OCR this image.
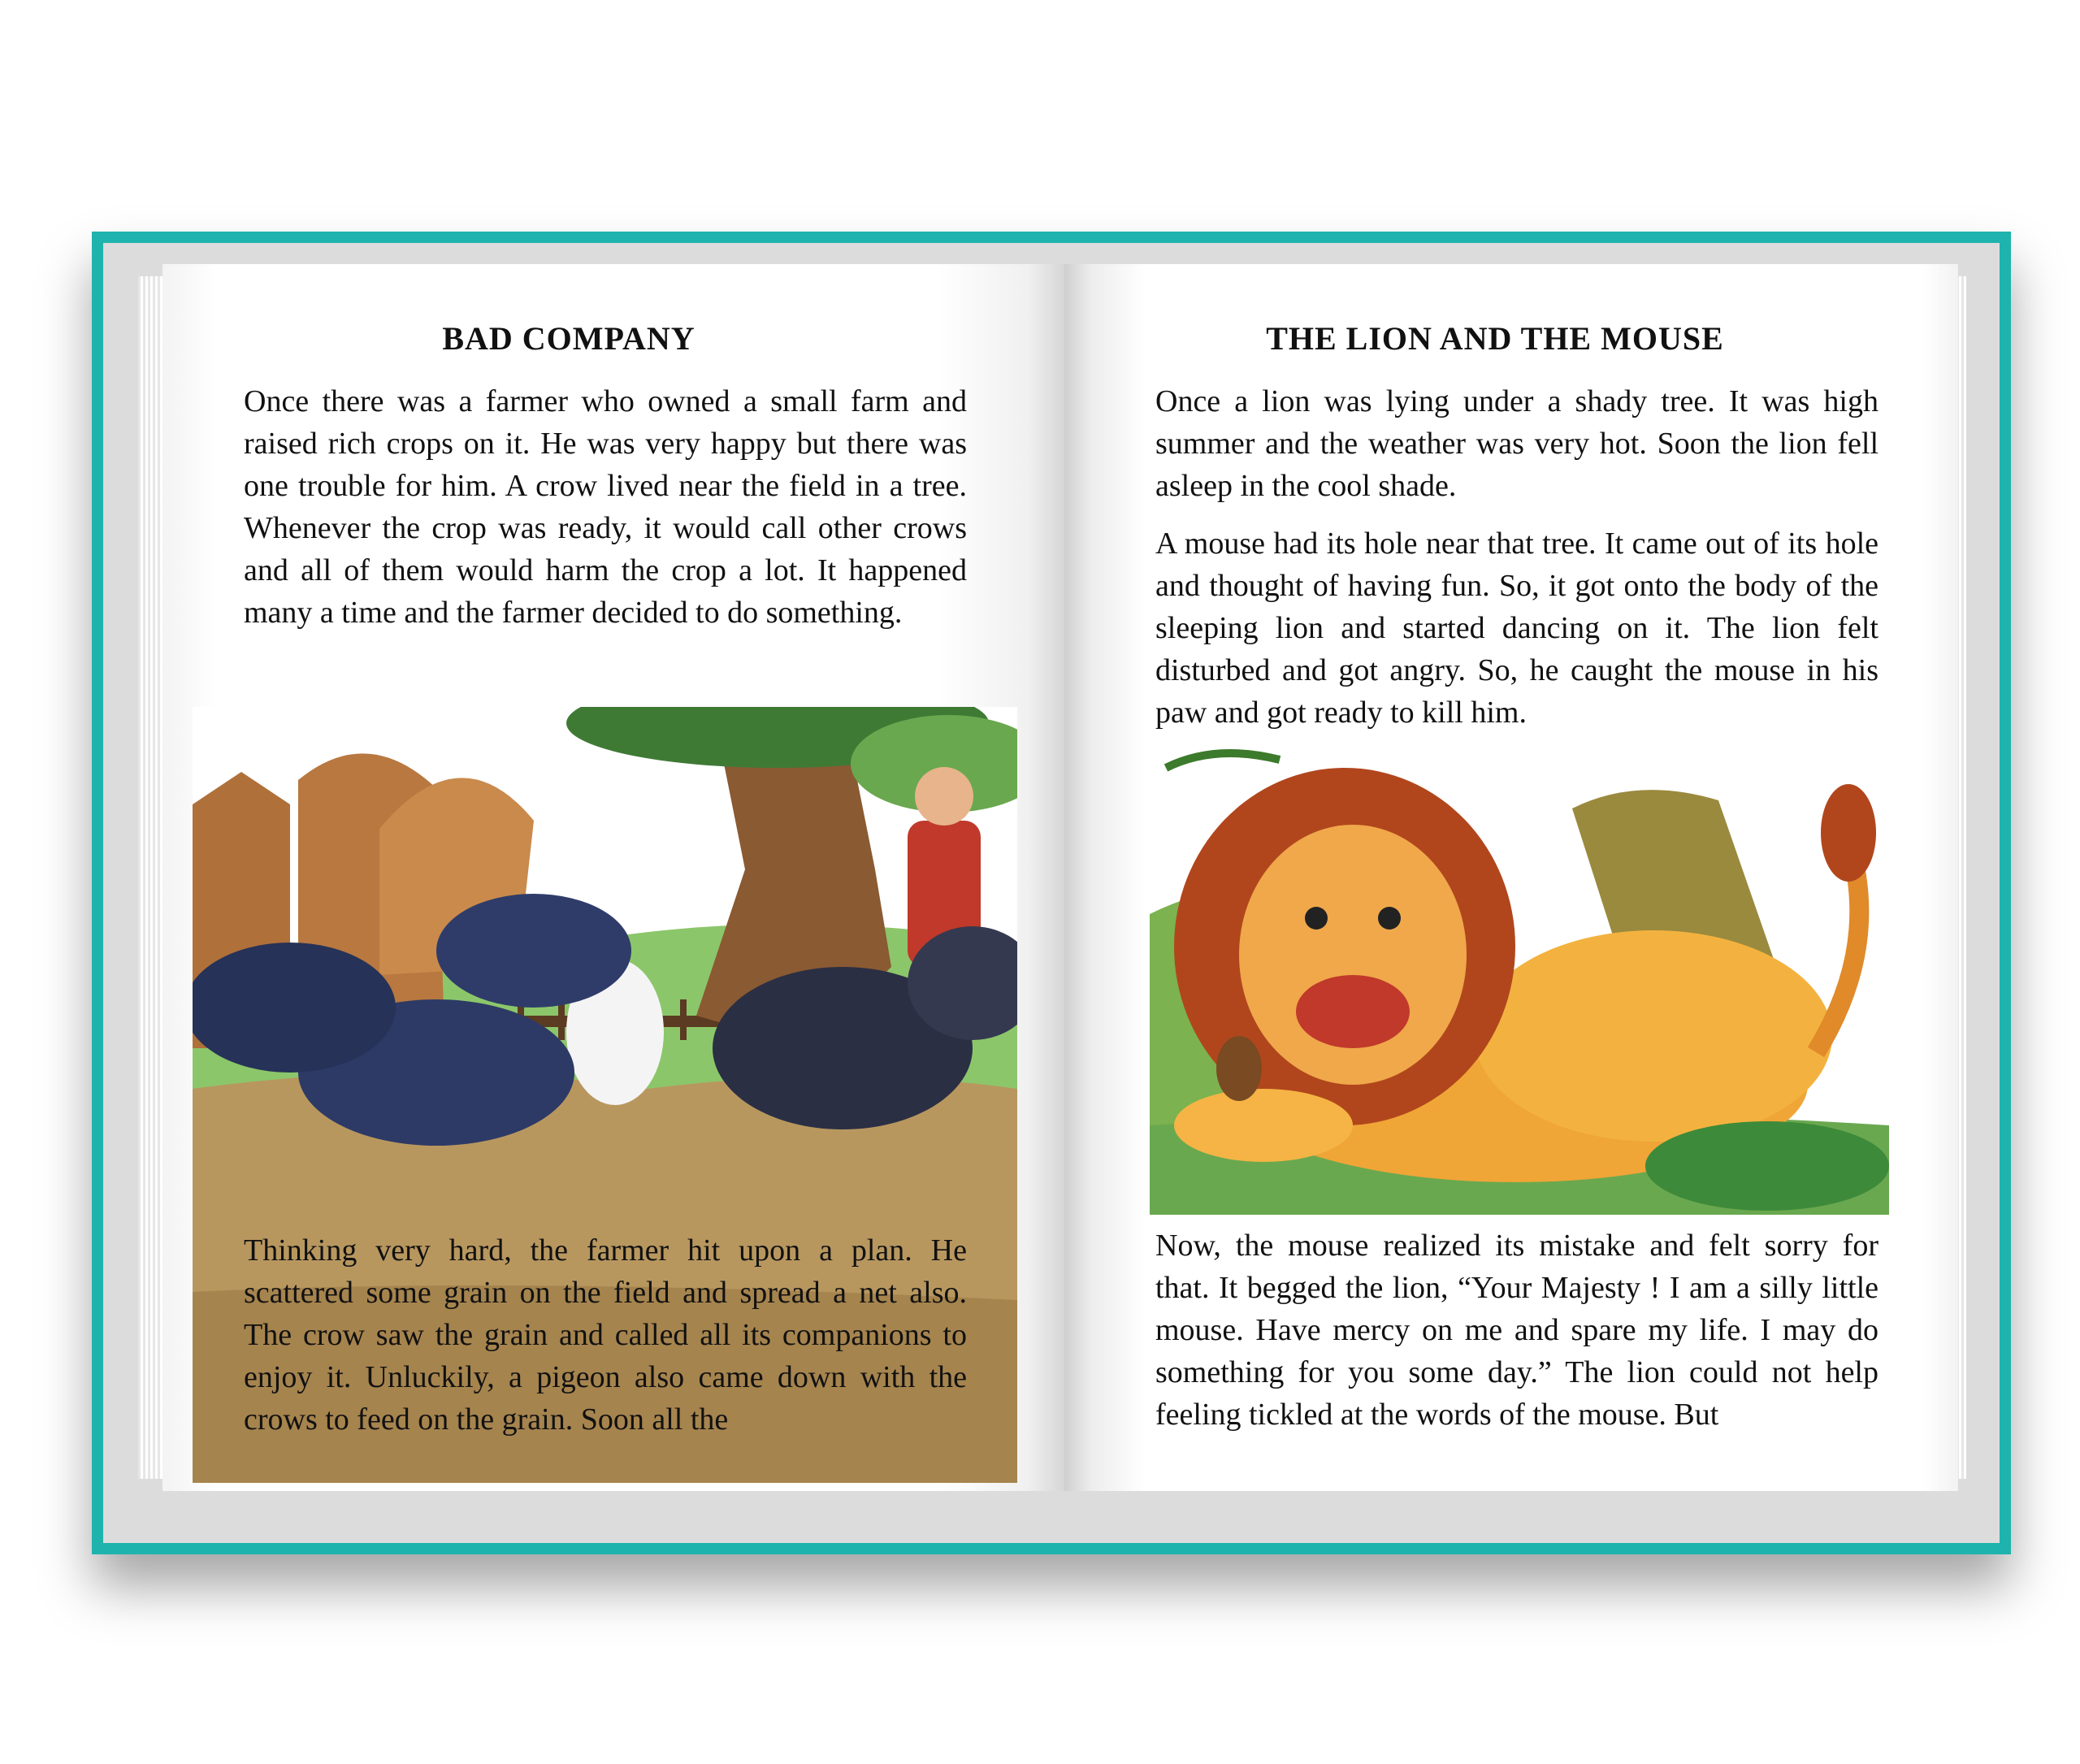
BAD COMPANY

Once there was a farmer who owned a small farm and raised rich crops on it. He was very happy but there was one trouble for him. A crow lived near the field in a tree. Whenever the crop was ready, it would call other crows and all of them would harm the crop a lot. It happened many a time and the farmer decided to do something.

Thinking very hard, the farmer hit upon a plan. He scattered some grain on the field and spread a net also. The crow saw the grain and called all its companions to enjoy it. Unluckily, a pigeon also came down with the crows to feed on the grain. Soon all the

THE LION AND THE MOUSE

Once a lion was lying under a shady tree. It was high summer and the weather was very hot. Soon the lion fell asleep in the cool shade.

A mouse had its hole near that tree. It came out of its hole and thought of having fun. So, it got onto the body of the sleeping lion and started dancing on it. The lion felt disturbed and got angry. So, he caught the mouse in his paw and got ready to kill him.

Now, the mouse realized its mistake and felt sorry for that. It begged the lion, “Your Majesty ! I am a silly little mouse. Have mercy on me and spare my life. I may do something for you some day.” The lion could not help feeling tickled at the words of the mouse. But
